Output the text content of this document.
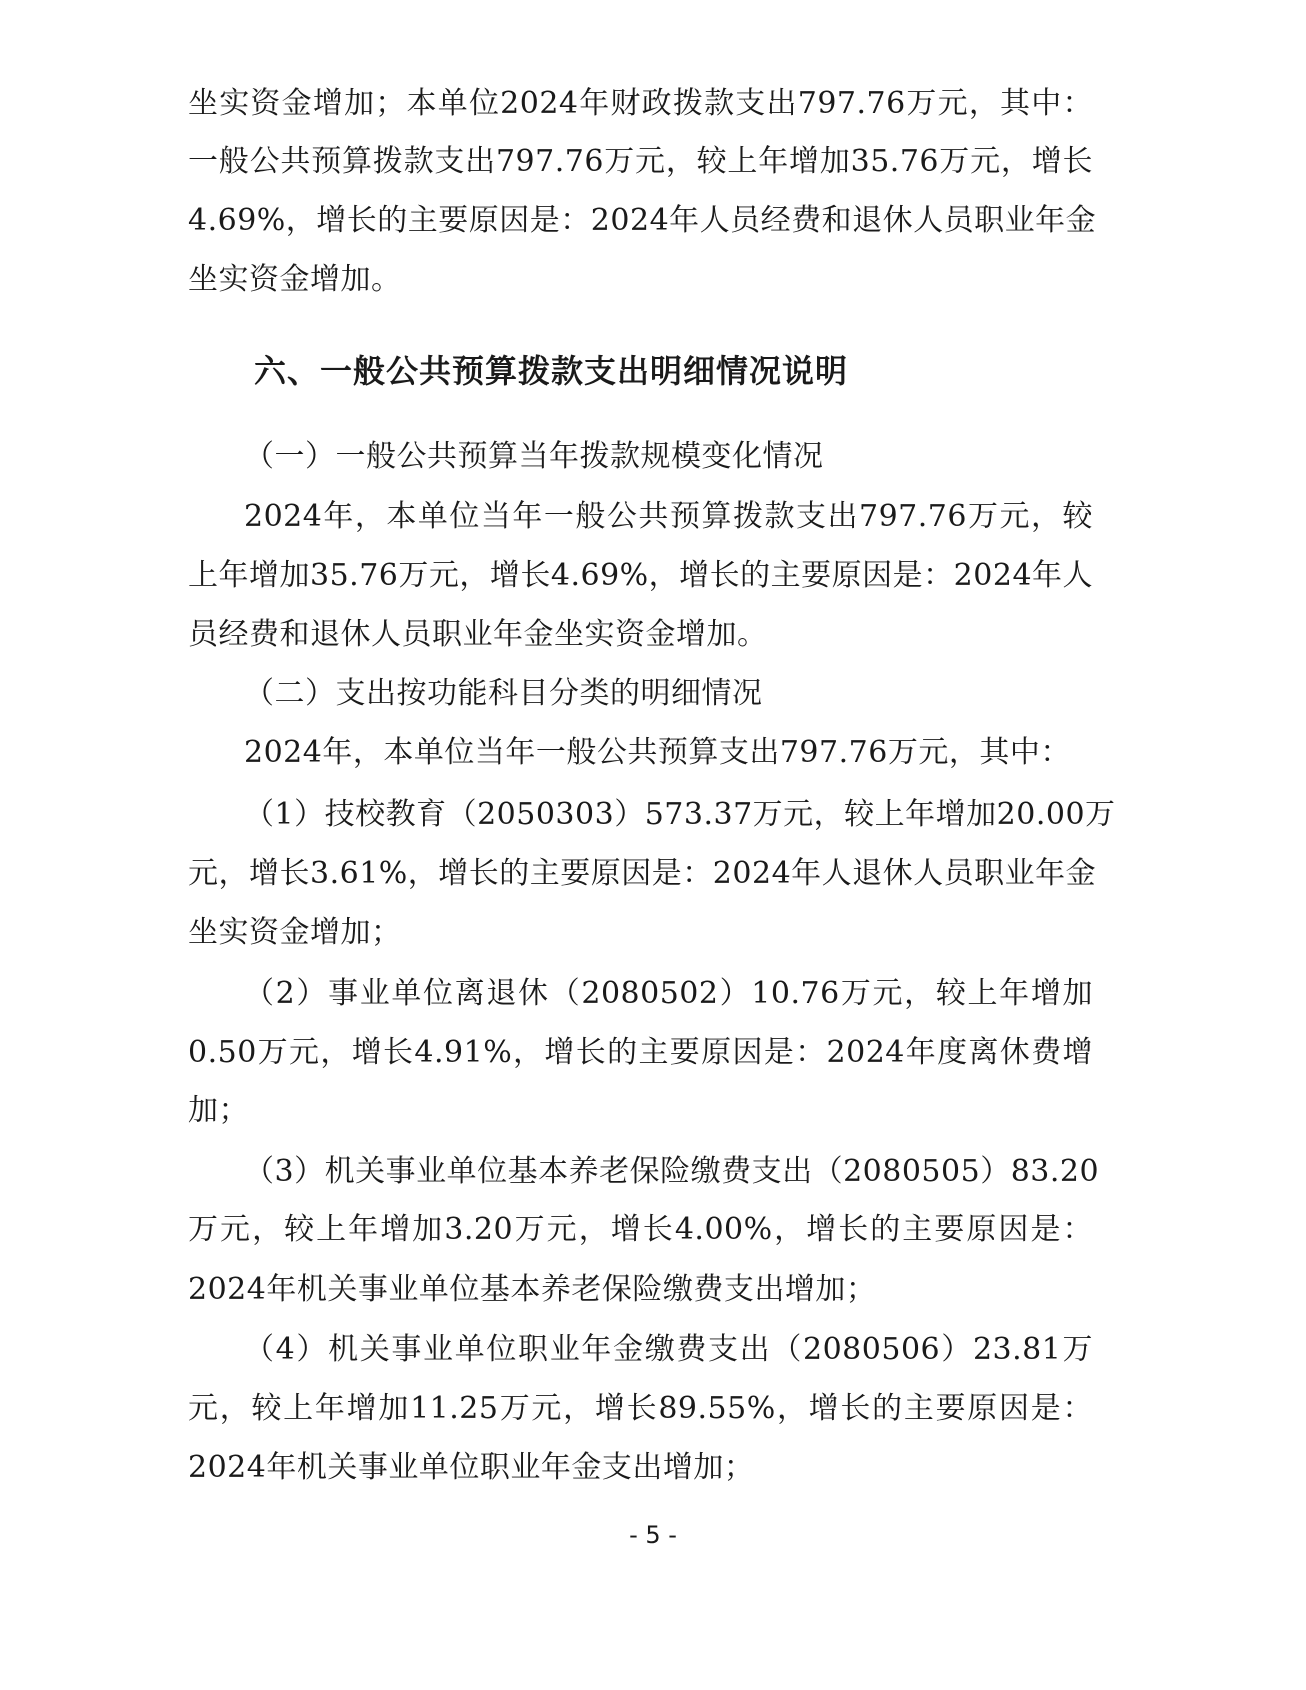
坐实资金增加；本单位2024年财政拨款支出797.76万元，其中：
一般公共预算拨款支出797.76万元，较上年增加35.76万元，增长
4.69%，增长的主要原因是：2024年人员经费和退休人员职业年金
坐实资金增加。
六、一般公共预算拨款支出明细情况说明
（一）一般公共预算当年拨款规模变化情况
2024年，本单位当年一般公共预算拨款支出797.76万元，较
上年增加35.76万元，增长4.69%，增长的主要原因是：2024年人
员经费和退休人员职业年金坐实资金增加。
（二）支出按功能科目分类的明细情况
2024年，本单位当年一般公共预算支出797.76万元，其中：
（1）技校教育（2050303）573.37万元，较上年增加20.00万
元，增长3.61%，增长的主要原因是：2024年人退休人员职业年金
坐实资金增加；
（2）事业单位离退休（2080502）10.76万元，较上年增加
0.50万元，增长4.91%，增长的主要原因是：2024年度离休费增
加；
（3）机关事业单位基本养老保险缴费支出（2080505）83.20
万元，较上年增加3.20万元，增长4.00%，增长的主要原因是：
2024年机关事业单位基本养老保险缴费支出增加；
（4）机关事业单位职业年金缴费支出（2080506）23.81万
元，较上年增加11.25万元，增长89.55%，增长的主要原因是：
2024年机关事业单位职业年金支出增加；
- 5 -
